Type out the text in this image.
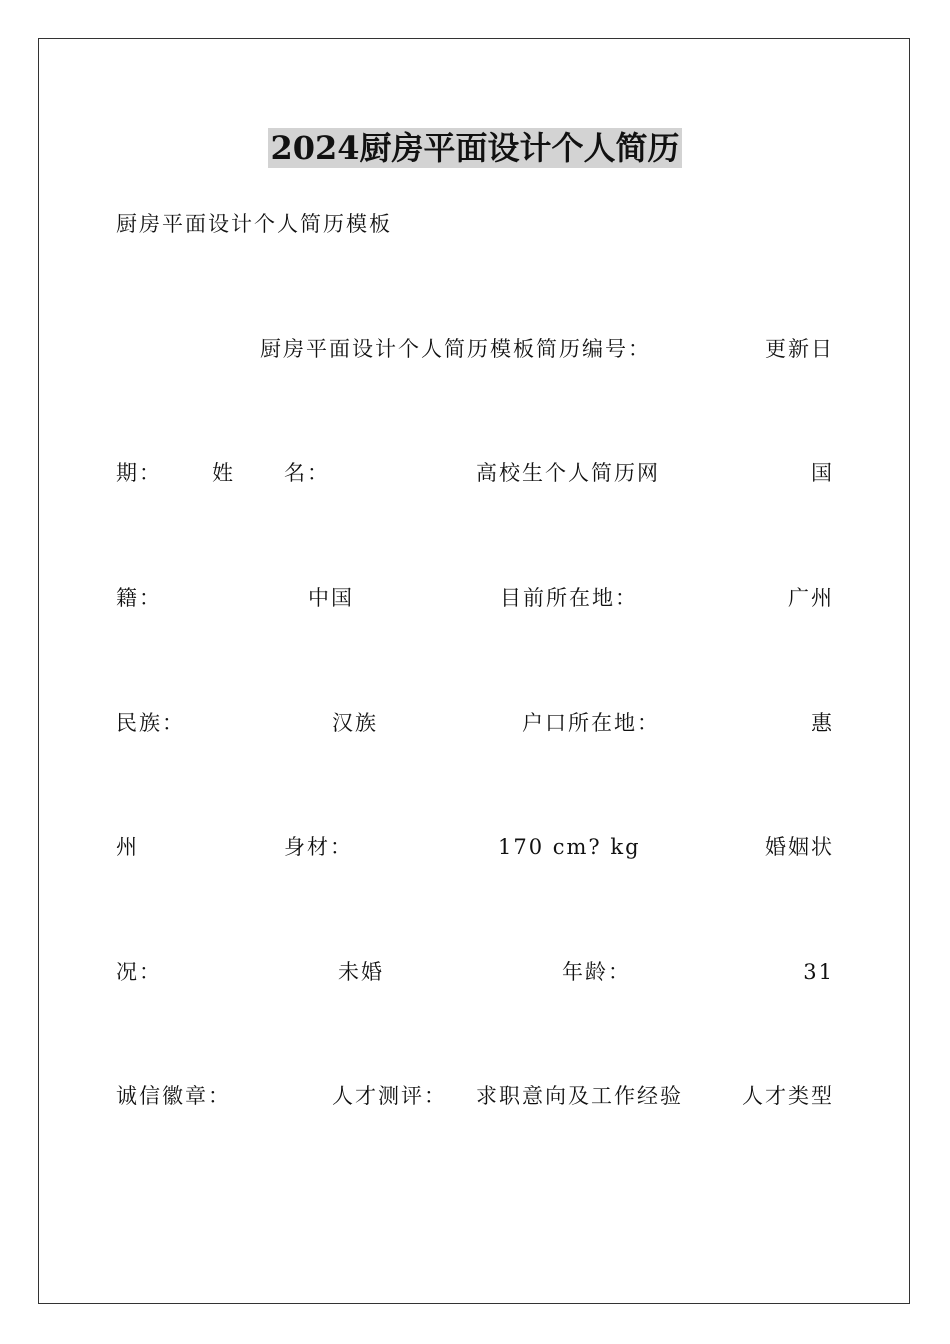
2024厨房平面设计个人简历
厨房平面设计个人简历模板
厨房平面设计个人简历模板简历编号：	更新日
期： 姓 名：	高校生个人简历网	国
籍：	中国	目前所在地：	广州
民族：	汉族	户口所在地：	惠
州	身材：	170 cm? kg	婚姻状
况：	未婚	年龄：	31
诚信徽章：	人才测评： 求职意向及工作经验	人才类型
